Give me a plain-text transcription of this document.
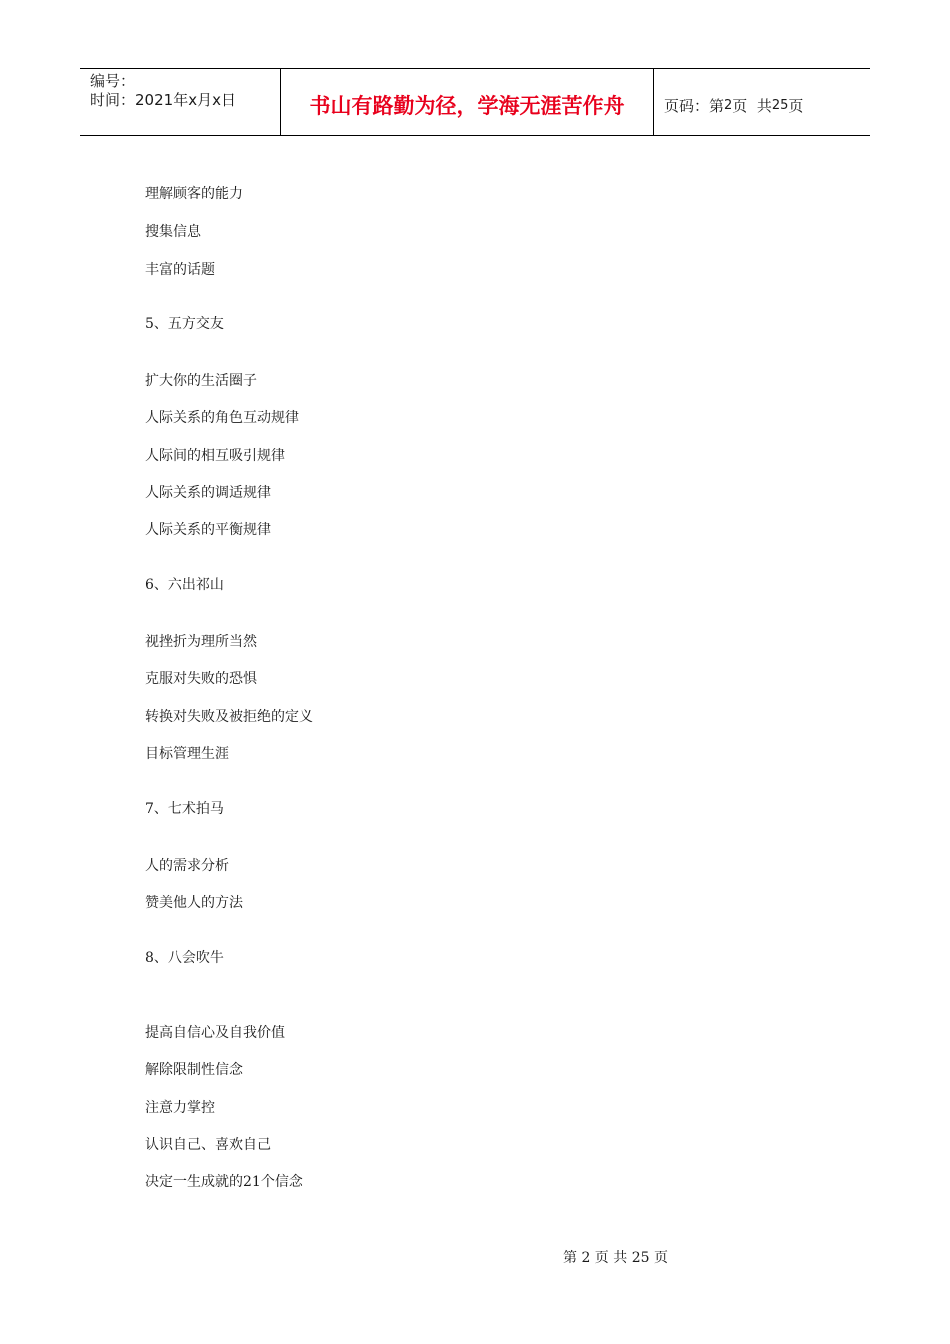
编号：
时间：2021年x月x日	书山有路勤为径，学海无涯苦作舟	页码：第 2 页  共 25 页
理解顾客的能力
搜集信息
丰富的话题
5、五方交友
扩大你的生活圈子
人际关系的角色互动规律
人际间的相互吸引规律
人际关系的调适规律
人际关系的平衡规律
6、六出祁山
视挫折为理所当然
克服对失败的恐惧
转换对失败及被拒绝的定义
目标管理生涯
7、七术拍马
人的需求分析
赞美他人的方法
8、八会吹牛
提高自信心及自我价值
解除限制性信念
注意力掌控
认识自己、喜欢自己
决定一生成就的21个信念
第 2 页 共 25 页
